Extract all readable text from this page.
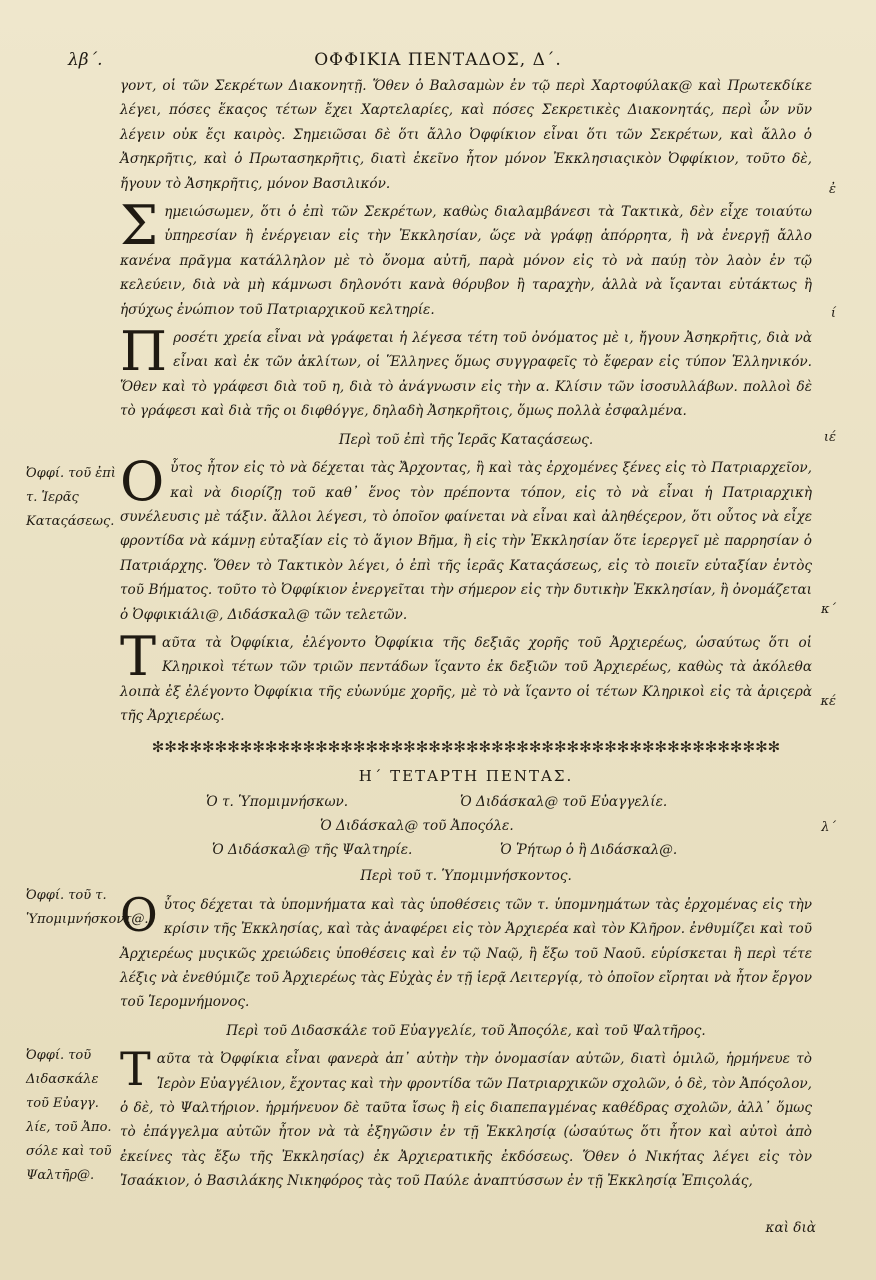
λβ΄.	ΟΦΦΙΚΙΑ ΠΕΝΤΑΔΟΣ, Δ΄.

γοντ, οἱ τῶν Σεκρέτων Διακονητῇ. Ὅθεν ὁ Βαλσαμὼν ἐν τῷ περὶ Χαρτοφύλακ@ καὶ Πρωτεκδίκε λέγει, πόσες ἕκαςος τέτων ἔχει Χαρτελαρίες, καὶ πόσες Σεκρετικὲς Διακονητάς, περὶ ὧν νῦν λέγειν οὐκ ἔςι καιρὸς. Σημειῶσαι δὲ ὅτι ἄλλο Ὀφφίκιον εἶναι ὅτι τῶν Σεκρέτων, καὶ ἄλλο ὁ Ἀσηκρῆτις, καὶ ὁ Πρωτασηκρῆτις, διατὶ ἐκεῖνο ἦτον μόνον Ἐκκλησιαςικὸν Ὀφφίκιον, τοῦτο δὲ, ἤγουν τὸ Ἀσηκρῆτις, μόνον Βασιλικόν.

Σ ημειώσωμεν, ὅτι ὁ ἐπὶ τῶν Σεκρέτων, καθὼς διαλαμβάνεσι τὰ Τακτικὰ, δὲν εἶχε τοιαύτω ὑπηρεσίαν ἢ ἐνέργειαν εἰς τὴν Ἐκκλησίαν, ὥςε νὰ γράφῃ ἀπόρρητα, ἢ νὰ ἐνεργῇ ἄλλο κανένα πρᾶγμα κατάλληλον μὲ τὸ ὄνομα αὐτῆ, παρὰ μόνον εἰς τὸ νὰ παύῃ τὸν λαὸν ἐν τῷ κελεύειν, διὰ νὰ μὴ κάμνωσι δηλονότι κανὰ θόρυβον ἢ ταραχὴν, ἀλλὰ νὰ ἴςανται εὐτάκτως ἢ ἡσύχως ἐνώπιον τοῦ Πατριαρχικοῦ κελτηρίε.

Π ροσέτι χρεία εἶναι νὰ γράφεται ἡ λέγεσα τέτη τοῦ ὀνόματος μὲ ι, ἤγουν Ἀσηκρῆτις, διὰ νὰ εἶναι καὶ ἐκ τῶν ἀκλίτων, οἱ Ἕλληνες ὅμως συγγραφεῖς τὸ ἔφεραν εἰς τύπον Ἑλληνικόν. Ὅθεν καὶ τὸ γράφεσι διὰ τοῦ η, διὰ τὸ ἀνάγνωσιν εἰς τὴν α. Κλίσιν τῶν ἰσοσυλλάβων. πολλοὶ δὲ τὸ γράφεσι καὶ διὰ τῆς οι διφθόγγε, δηλαδὴ Ἀσηκρῆτοις, ὅμως πολλὰ ἐσφαλμένα.

Περὶ τοῦ ἐπὶ τῆς Ἱερᾶς Καταςάσεως.

Ο ὗτος ἦτον εἰς τὸ νὰ δέχεται τὰς Ἄρχοντας, ἢ καὶ τὰς ἐρχομένες ξένες εἰς τὸ Πατριαρχεῖον, καὶ νὰ διορίζῃ τοῦ καθ᾽ ἕνος τὸν πρέποντα τόπον, εἰς τὸ νὰ εἶναι ἡ Πατριαρχικὴ συνέλευσις μὲ τάξιν. ἄλλοι λέγεσι, τὸ ὁποῖον φαίνεται νὰ εἶναι καὶ ἀληθέςερον, ὅτι οὗτος νὰ εἶχε φροντίδα νὰ κάμνῃ εὐταξίαν εἰς τὸ ἅγιον Βῆμα, ἢ εἰς τὴν Ἐκκλησίαν ὅτε ἱερεργεῖ μὲ παρρησίαν ὁ Πατριάρχης. Ὅθεν τὸ Τακτικὸν λέγει, ὁ ἐπὶ τῆς ἱερᾶς Καταςάσεως, εἰς τὸ ποιεῖν εὐταξίαν ἐντὸς τοῦ Βήματος. τοῦτο τὸ Ὀφφίκιον ἐνεργεῖται τὴν σήμερον εἰς τὴν δυτικὴν Ἐκκλησίαν, ἢ ὀνομάζεται ὁ Ὀφφικιάλι@, Διδάσκαλ@ τῶν τελετῶν.

Τ αῦτα τὰ Ὀφφίκια, ἐλέγοντο Ὀφφίκια τῆς δεξιᾶς χορῆς τοῦ Ἀρχιερέως, ὡσαύτως ὅτι οἱ Κληρικοὶ τέτων τῶν τριῶν πεντάδων ἵςαντο ἐκ δεξιῶν τοῦ Ἀρχιερέως, καθὼς τὰ ἀκόλεθα λοιπὰ ἐξ ἐλέγοντο Ὀφφίκια τῆς εὐωνύμε χορῆς, μὲ τὸ νὰ ἵςαντο οἱ τέτων Κληρικοὶ εἰς τὰ ἀριςερὰ τῆς Ἀρχιερέως.

Ὀφφί. τοῦ ἐπὶ τ. Ἱερᾶς Καταςάσεως.
✻✻✻✻✻✻✻✻✻✻✻✻✻✻✻✻✻✻✻✻✻✻✻✻✻✻✻✻✻✻✻✻✻✻✻✻✻✻✻✻✻✻✻✻✻✻✻✻✻✻
Η΄ ΤΕΤΑΡΤΗ ΠΕΝΤΑΣ.
Ὁ τ. Ὑπομιμνήσκων.	Ὁ Διδάσκαλ@ τοῦ Εὐαγγελίε.
Ὁ Διδάσκαλ@ τοῦ Ἀποςόλε.
Ὁ Διδάσκαλ@ τῆς Ψαλτηρίε.	Ὁ Ῥήτωρ ὁ ἢ Διδάσκαλ@.
Περὶ τοῦ τ. Ὑπομιμνήσκοντος.

Ο ὗτος δέχεται τὰ ὑπομνήματα καὶ τὰς ὑποθέσεις τῶν τ. ὑπομνημάτων τὰς ἐρχομένας εἰς τὴν κρίσιν τῆς Ἐκκλησίας, καὶ τὰς ἀναφέρει εἰς τὸν Ἀρχιερέα καὶ τὸν Κλῆρον. ἐνθυμίζει καὶ τοῦ Ἀρχιερέως μυςικῶς χρειώδεις ὑποθέσεις καὶ ἐν τῷ Ναῷ, ἢ ἔξω τοῦ Ναοῦ. εὑρίσκεται ἢ περὶ τέτε λέξις νὰ ἐνεθύμιζε τοῦ Ἀρχιερέως τὰς Εὐχὰς ἐν τῇ ἱερᾷ Λειτεργίᾳ, τὸ ὁποῖον εἴρηται νὰ ἦτον ἔργον τοῦ Ἱερομνήμονος.

Περὶ τοῦ Διδασκάλε τοῦ Εὐαγγελίε, τοῦ Ἀποςόλε, καὶ τοῦ Ψαλτῆρος.

Τ αῦτα τὰ Ὀφφίκια εἶναι φανερὰ ἀπ᾽ αὐτὴν τὴν ὀνομασίαν αὐτῶν, διατὶ ὁμιλῶ, ἡρμήνευε τὸ Ἱερὸν Εὐαγγέλιον, ἔχοντας καὶ τὴν φροντίδα τῶν Πατριαρχικῶν σχολῶν, ὁ δὲ, τὸν Ἀπόςολον, ὁ δὲ, τὸ Ψαλτήριον. ἡρμήνευον δὲ ταῦτα ἴσως ἢ εἰς διαπεπαγμένας καθέδρας σχολῶν, ἀλλ᾽ ὅμως τὸ ἐπάγγελμα αὐτῶν ἦτον νὰ τὰ ἐξηγῶσιν ἐν τῇ Ἐκκλησίᾳ (ὡσαύτως ὅτι ἦτον καὶ αὐτοὶ ἀπὸ ἐκείνες τὰς ἔξω τῆς Ἐκκλησίας) ἐκ Ἀρχιερατικῆς ἐκδόσεως. Ὅθεν ὁ Νικήτας λέγει εἰς τὸν Ἰσαάκιον, ὁ Βασιλάκης Νικηφόρος τὰς τοῦ Παύλε ἀναπτύσσων ἐν τῇ Ἐκκλησίᾳ Ἐπιςολάς,

Ὀφφί. τοῦ τ. Ὑπομιμνήσκοντ@.
Ὀφφί. τοῦ Διδασκάλε τοῦ Εὐαγγ. λίε, τοῦ Ἀπο. σόλε καὶ τοῦ Ψαλτῆρ@.
καὶ διὰ
ἐ
ί
ιέ
κ΄
κέ
λ΄
